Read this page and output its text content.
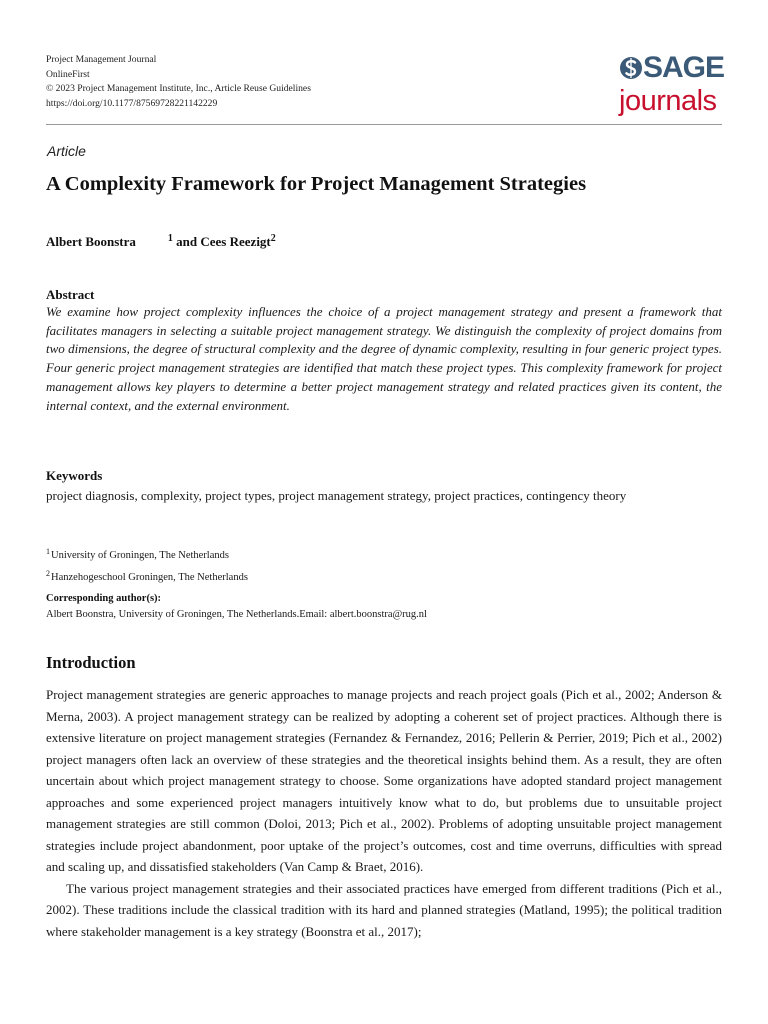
Project Management Journal
OnlineFirst
© 2023 Project Management Institute, Inc., Article Reuse Guidelines
https://doi.org/10.1177/87569728221142229
SAGE
journals
Article
A Complexity Framework for Project Management Strategies
Albert Boonstra	$^1$ and Cees Reezigt$^2$
Abstract
We examine how project complexity influences the choice of a project management strategy and present a framework that facilitates managers in selecting a suitable project management strategy. We distinguish the complexity of project domains from two dimensions, the degree of structural complexity and the degree of dynamic complexity, resulting in four generic project types. Four generic project management strategies are identified that match these project types. This complexity framework for project management allows key players to determine a better project management strategy and related practices given its content, the internal context, and the external environment.
Keywords
project diagnosis, complexity, project types, project management strategy, project practices, contingency theory
$^1$University of Groningen, The Netherlands
$^2$Hanzehogeschool Groningen, The Netherlands
Corresponding author(s):
Albert Boonstra, University of Groningen, The Netherlands.Email: albert.boonstra@rug.nl
Introduction

Project management strategies are generic approaches to manage projects and reach project goals (Pich et al., 2002; Anderson & Merna, 2003). A project management strategy can be realized by adopting a coherent set of project practices. Although there is extensive literature on project management strategies (Fernandez & Fernandez, 2016; Pellerin & Perrier, 2019; Pich et al., 2002) project managers often lack an overview of these strategies and the theoretical insights behind them. As a result, they are often uncertain about which project management strategy to choose. Some organizations have adopted standard project management approaches and some experienced project managers intuitively know what to do, but problems due to unsuitable project management strategies are still common (Doloi, 2013; Pich et al., 2002). Problems of adopting unsuitable project management strategies include project abandonment, poor uptake of the project’s outcomes, cost and time overruns, difficulties with spread and scaling up, and dissatisfied stakeholders (Van Camp & Braet, 2016).

The various project management strategies and their associated practices have emerged from different traditions (Pich et al., 2002). These traditions include the classical tradition with its hard and planned strategies (Matland, 1995); the political tradition where stakeholder management is a key strategy (Boonstra et al., 2017);
